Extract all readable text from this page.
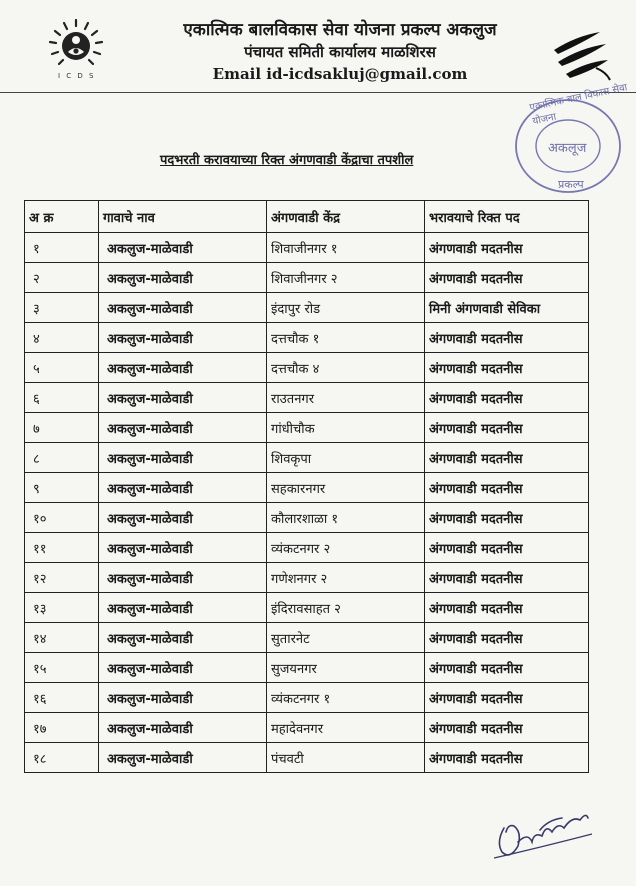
I C D S
एकात्मिक बालविकास सेवा योजना प्रकल्प अकलुज
पंचायत समिती कार्यालय माळशिरस
Email id-icdsakluj@gmail.com
एकात्मिक बाल विकास सेवा योजना
अकलूज
प्रकल्प
पदभरती करावयाच्या रिक्त अंगणवाडी केंद्राचा तपशील
अ क्र	गावाचे नाव	अंगणवाडी केंद्र	भरावयाचे रिक्त पद
१	अकलुज-माळेवाडी	शिवाजीनगर १	अंगणवाडी मदतनीस
२	अकलुज-माळेवाडी	शिवाजीनगर २	अंगणवाडी मदतनीस
३	अकलुज-माळेवाडी	इंदापुर रोड	मिनी अंगणवाडी सेविका
४	अकलुज-माळेवाडी	दत्तचौक १	अंगणवाडी मदतनीस
५	अकलुज-माळेवाडी	दत्तचौक ४	अंगणवाडी मदतनीस
६	अकलुज-माळेवाडी	राउतनगर	अंगणवाडी मदतनीस
७	अकलुज-माळेवाडी	गांधीचौक	अंगणवाडी मदतनीस
८	अकलुज-माळेवाडी	शिवकृपा	अंगणवाडी मदतनीस
९	अकलुज-माळेवाडी	सहकारनगर	अंगणवाडी मदतनीस
१०	अकलुज-माळेवाडी	कौलारशाळा १	अंगणवाडी मदतनीस
११	अकलुज-माळेवाडी	व्यंकटनगर २	अंगणवाडी मदतनीस
१२	अकलुज-माळेवाडी	गणेशनगर २	अंगणवाडी मदतनीस
१३	अकलुज-माळेवाडी	इंदिरावसाहत २	अंगणवाडी मदतनीस
१४	अकलुज-माळेवाडी	सुतारनेट	अंगणवाडी मदतनीस
१५	अकलुज-माळेवाडी	सुजयनगर	अंगणवाडी मदतनीस
१६	अकलुज-माळेवाडी	व्यंकटनगर १	अंगणवाडी मदतनीस
१७	अकलुज-माळेवाडी	महादेवनगर	अंगणवाडी मदतनीस
१८	अकलुज-माळेवाडी	पंचवटी	अंगणवाडी मदतनीस
